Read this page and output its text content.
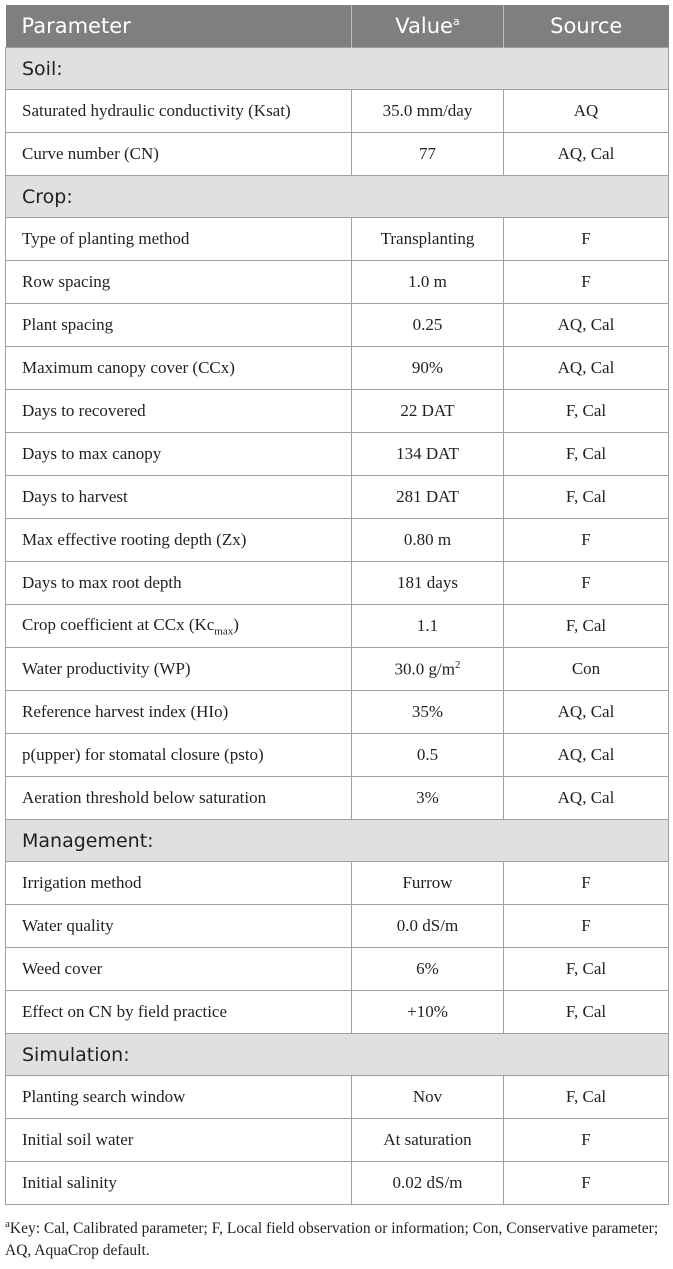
Parameter	Value$^a$	Source
Soil:		
Saturated hydraulic conductivity (Ksat)	35.0 mm/day	AQ
Curve number (CN)	77	AQ, Cal
Crop:		
Type of planting method	Transplanting	F
Row spacing	1.0 m	F
Plant spacing	0.25	AQ, Cal
Maximum canopy cover (CCx)	90%	AQ, Cal
Days to recovered	22 DAT	F, Cal
Days to max canopy	134 DAT	F, Cal
Days to harvest	281 DAT	F, Cal
Max effective rooting depth (Zx)	0.80 m	F
Days to max root depth	181 days	F
Crop coefficient at CCx $(Kc_{max})$	1.1	F, Cal
Water productivity (WP)	30.0 $g/m^2$	Con
Reference harvest index (HIo)	35%	AQ, Cal
p(upper) for stomatal closure (psto)	0.5	AQ, Cal
Aeration threshold below saturation	3%	AQ, Cal
Management:		
Irrigation method	Furrow	F
Water quality	0.0 dS/m	F
Weed cover	6%	F, Cal
Effect on CN by field practice	+10%	F, Cal
Simulation:		
Planting search window	Nov	F, Cal
Initial soil water	At saturation	F
Initial salinity	0.02 dS/m	F
$^a$Key: Cal, Calibrated parameter; F, Local field observation or information; Con, Conservative parameter; AQ, AquaCrop default.
